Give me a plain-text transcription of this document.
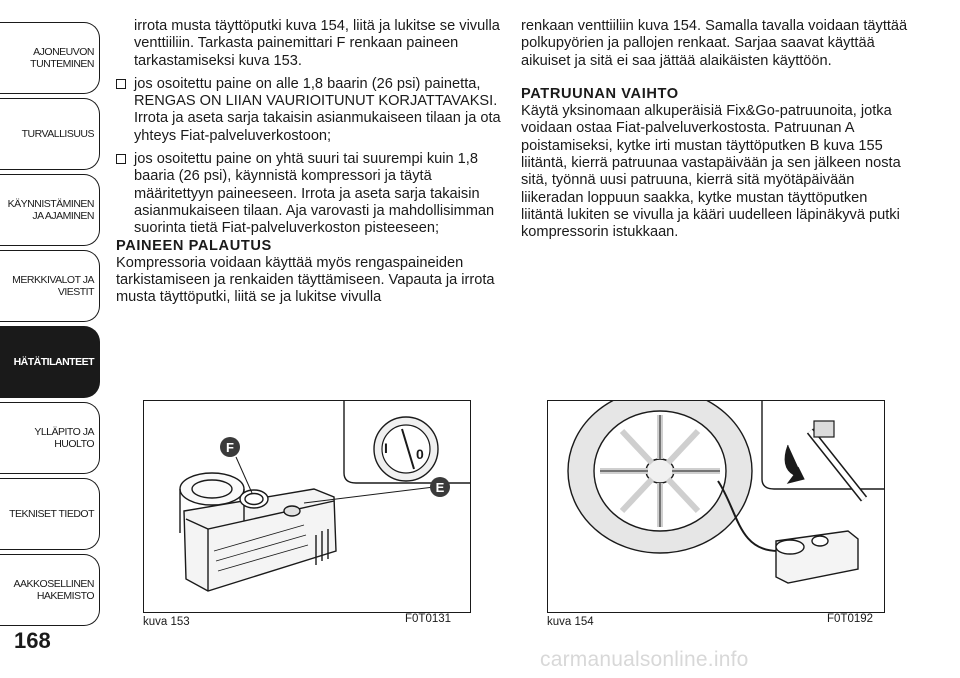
AJONEUVON
TUNTEMINEN
TURVALLISUUS
KÄYNNISTÄMINEN
JA AJAMINEN
MERKKIVALOT JA
VIESTIT
HÄTÄTILANTEET
YLLÄPITO JA HUOLTO
TEKNISET TIEDOT
AAKKOSELLINEN
HAKEMISTO
168

irrota musta täyttöputki kuva 154, liitä ja lukitse se vivulla venttiiliin. Tarkasta painemittari F renkaan paineen tarkastamiseksi kuva 153.

jos osoitettu paine on alle 1,8 baarin (26 psi) painetta, RENGAS ON LIIAN VAURIOITUNUT KORJATTAVAKSI. Irrota ja aseta sarja takaisin asianmukaiseen tilaan ja ota yhteys Fiat-palveluverkostoon;

jos osoitettu paine on yhtä suuri tai suurempi kuin 1,8 baaria (26 psi), käynnistä kompressori ja täytä määritettyyn paineeseen. Irrota ja aseta sarja takaisin asianmukaiseen tilaan. Aja varovasti ja mahdollisimman suorinta tietä Fiat-palveluverkoston pisteeseen;

PAINEEN PALAUTUS

Kompressoria voidaan käyttää myös rengaspaineiden tarkistamiseen ja renkaiden täyttämiseen. Vapauta ja irrota musta täyttöputki, liitä se ja lukitse vivulla

renkaan venttiiliin kuva 154. Samalla tavalla voidaan täyttää polkupyörien ja pallojen renkaat. Sarjaa saavat käyttää aikuiset ja sitä ei saa jättää alaikäisten käyttöön.

PATRUUNAN VAIHTO

Käytä yksinomaan alkuperäisiä Fix&Go-patruunoita, jotka voidaan ostaa Fiat-palveluverkostosta. Patruunan A poistamiseksi, kytke irti mustan täyttöputken B kuva 155 liitäntä, kierrä patruunaa vastapäivään ja sen jälkeen nosta sitä, työnnä uusi patruuna, kierrä sitä myötäpäivään liikeradan loppuun saakka, kytke mustan täyttöputken liitäntä lukiten se vivulla ja kääri uudelleen läpinäkyvä putki kompressorin istukkaan.

I 0
F
E
kuva 153	F0T0131	kuva 154	F0T0192
carmanualsonline.info
